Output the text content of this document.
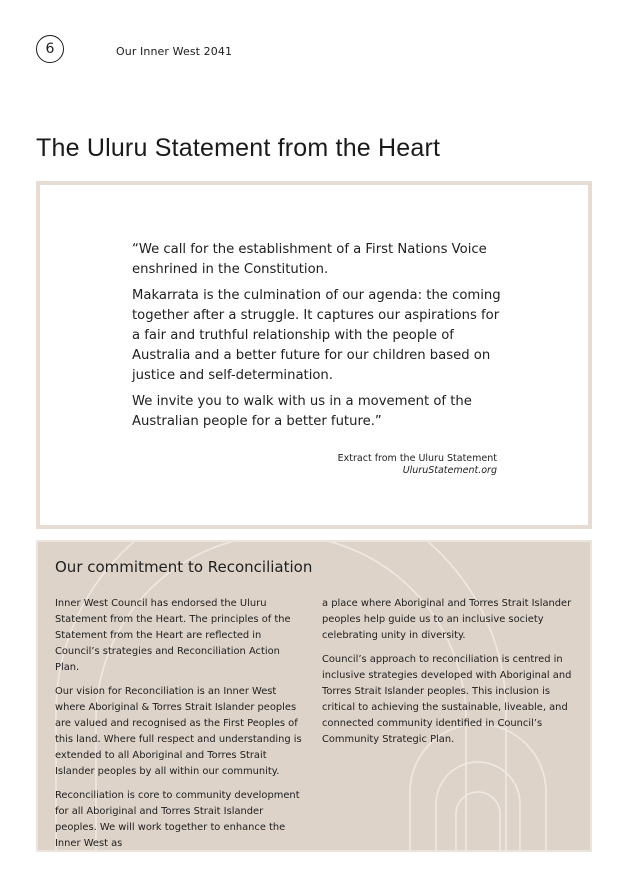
6	Our Inner West 2041
The Uluru Statement from the Heart

“We call for the establishment of a First Nations Voice enshrined in the Constitution.

Makarrata is the culmination of our agenda: the coming together after a struggle. It captures our aspirations for a fair and truthful relationship with the people of Australia and a better future for our children based on justice and self-determination.

We invite you to walk with us in a movement of the Australian people for a better future.”

Extract from the Uluru Statement
UluruStatement.org
Our commitment to Reconciliation

Inner West Council has endorsed the Uluru Statement from the Heart. The principles of the Statement from the Heart are reflected in Council’s strategies and Reconciliation Action Plan.

Our vision for Reconciliation is an Inner West where Aboriginal & Torres Strait Islander peoples are valued and recognised as the First Peoples of this land. Where full respect and understanding is extended to all Aboriginal and Torres Strait Islander peoples by all within our community.

Reconciliation is core to community development for all Aboriginal and Torres Strait Islander peoples. We will work together to enhance the Inner West as

a place where Aboriginal and Torres Strait Islander peoples help guide us to an inclusive society celebrating unity in diversity.

Council’s approach to reconciliation is centred in inclusive strategies developed with Aboriginal and Torres Strait Islander peoples. This inclusion is critical to achieving the sustainable, liveable, and connected community identified in Council’s Community Strategic Plan.
